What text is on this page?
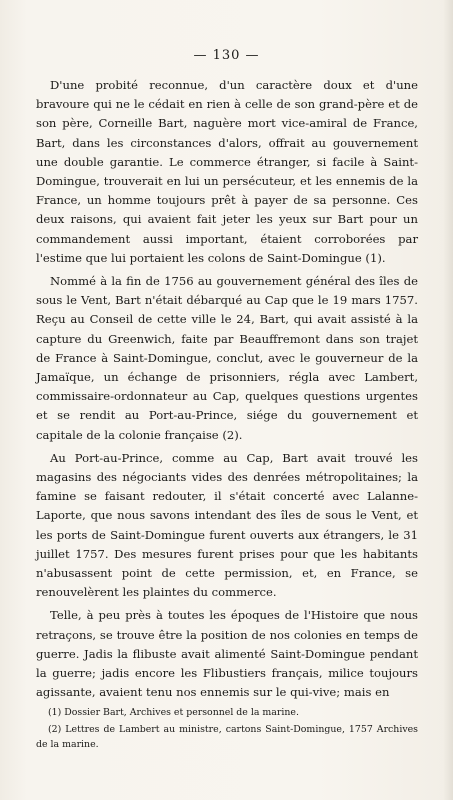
— 130 —

D'une probité reconnue, d'un caractère doux et d'une bravoure qui ne le cédait en rien à celle de son grand-père et de son père, Corneille Bart, naguère mort vice-amiral de France, Bart, dans les circonstances d'alors, offrait au gouvernement une double garantie. Le commerce étranger, si facile à Saint-Domingue, trouverait en lui un persécuteur, et les ennemis de la France, un homme toujours prêt à payer de sa personne. Ces deux raisons, qui avaient fait jeter les yeux sur Bart pour un commandement aussi important, étaient corroborées par l'estime que lui portaient les colons de Saint-Domingue (1).

Nommé à la fin de 1756 au gouvernement général des îles de sous le Vent, Bart n'était débarqué au Cap que le 19 mars 1757. Reçu au Conseil de cette ville le 24, Bart, qui avait assisté à la capture du Greenwich, faite par Beauffremont dans son trajet de France à Saint-Domingue, conclut, avec le gouverneur de la Jamaïque, un échange de prisonniers, régla avec Lambert, commissaire-ordonnateur au Cap, quelques questions urgentes et se rendit au Port-au-Prince, siége du gouvernement et capitale de la colonie française (2).

Au Port-au-Prince, comme au Cap, Bart avait trouvé les magasins des négociants vides des denrées métropolitaines; la famine se faisant redouter, il s'était concerté avec Lalanne-Laporte, que nous savons intendant des îles de sous le Vent, et les ports de Saint-Domingue furent ouverts aux étrangers, le 31 juillet 1757. Des mesures furent prises pour que les habitants n'abusassent point de cette permission, et, en France, se renouvelèrent les plaintes du commerce.

Telle, à peu près à toutes les époques de l'Histoire que nous retraçons, se trouve être la position de nos colonies en temps de guerre. Jadis la flibuste avait alimenté Saint-Domingue pendant la guerre; jadis encore les Flibustiers français, milice toujours agissante, avaient tenu nos ennemis sur le qui-vive; mais en

(1) Dossier Bart, Archives et personnel de la marine.

(2) Lettres de Lambert au ministre, cartons Saint-Domingue, 1757 Archives de la marine.
